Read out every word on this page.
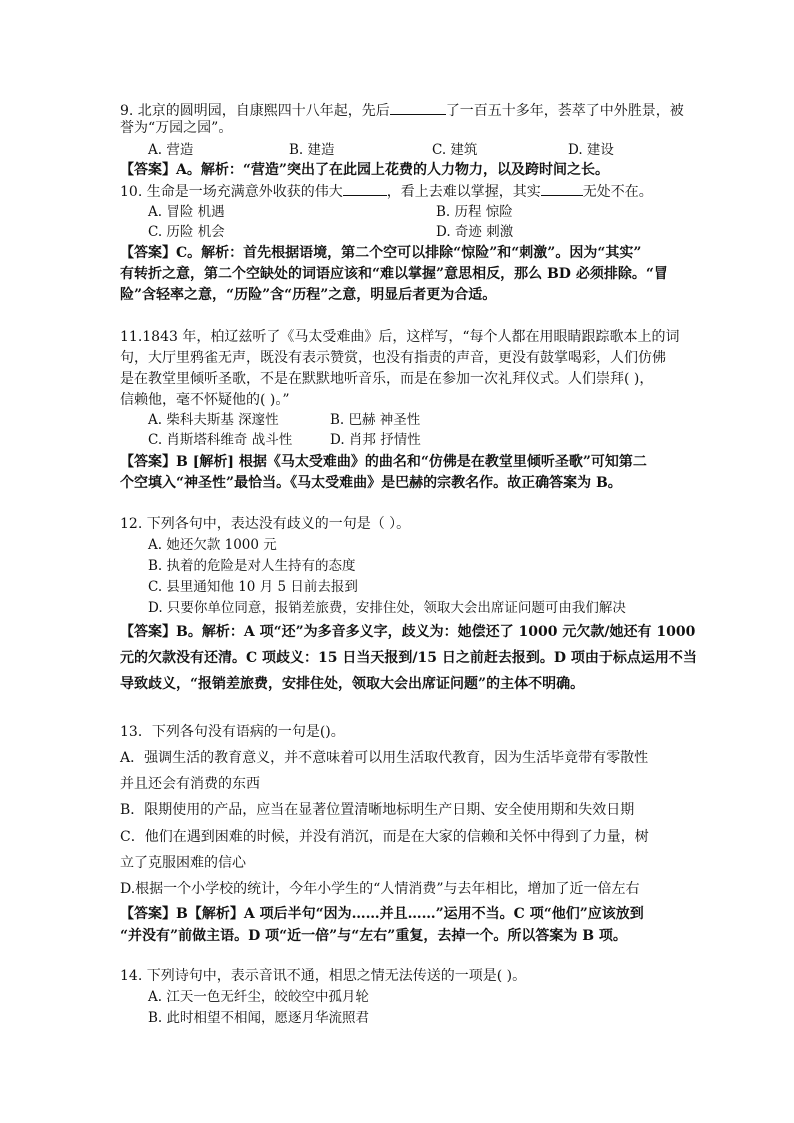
9. 北京的圆明园，自康熙四十八年起，先后	了一百五十多年，荟萃了中外胜景，被
誉为“万园之园”。
A. 营造	B. 建造	C. 建筑	D. 建设
【答案】A。解析：“营造”突出了在此园上花费的人力物力，以及跨时间之长。
10. 生命是一场充满意外收获的伟大	，看上去难以掌握，其实	无处不在。
A. 冒险 机遇	B. 历程 惊险
C. 历险 机会	D. 奇迹 刺激
【答案】C。解析：首先根据语境，第二个空可以排除“惊险”和“刺激”。因为“其实”
有转折之意，第二个空缺处的词语应该和“难以掌握”意思相反，那么 BD 必须排除。“冒
险”含轻率之意，“历险”含“历程”之意，明显后者更为合适。
11.1843 年，柏辽兹听了《马太受难曲》后，这样写，“每个人都在用眼睛跟踪歌本上的词
句，大厅里鸦雀无声，既没有表示赞赏，也没有指责的声音，更没有鼓掌喝彩，人们仿佛
是在教堂里倾听圣歌，不是在默默地听音乐，而是在参加一次礼拜仪式。人们崇拜( )，
信赖他，毫不怀疑他的( )。”
A. 柴科夫斯基 深邃性	B. 巴赫 神圣性
C. 肖斯塔科维奇 战斗性	D. 肖邦 抒情性
【答案】B [解析] 根据《马太受难曲》的曲名和“仿佛是在教堂里倾听圣歌”可知第二
个空填入“神圣性”最恰当。《马太受难曲》是巴赫的宗教名作。故正确答案为 B。
12. 下列各句中，表达没有歧义的一句是（ ）。
A. 她还欠款 1000 元
B. 执着的危险是对人生持有的态度
C. 县里通知他 10 月 5 日前去报到
D. 只要你单位同意，报销差旅费，安排住处，领取大会出席证问题可由我们解决
【答案】B。解析：A 项“还”为多音多义字，歧义为：她偿还了 1000 元欠款/她还有 1000
元的欠款没有还清。C 项歧义：15 日当天报到/15 日之前赶去报到。D 项由于标点运用不当
导致歧义，“报销差旅费，安排住处，领取大会出席证问题”的主体不明确。
13．下列各句没有语病的一句是()。
A．强调生活的教育意义，并不意味着可以用生活取代教育，因为生活毕竟带有零散性
并且还会有消费的东西
B．限期使用的产品，应当在显著位置清晰地标明生产日期、安全使用期和失效日期
C．他们在遇到困难的时候，并没有消沉，而是在大家的信赖和关怀中得到了力量，树
立了克服困难的信心
D.根据一个小学校的统计，今年小学生的“人情消费”与去年相比，增加了近一倍左右
【答案】B【解析】A 项后半句“因为……并且……”运用不当。C 项“他们”应该放到
“并没有”前做主语。D 项“近一倍”与“左右”重复，去掉一个。所以答案为 B 项。
14. 下列诗句中，表示音讯不通，相思之情无法传送的一项是( )。
A. 江天一色无纤尘，皎皎空中孤月轮
B. 此时相望不相闻，愿逐月华流照君
